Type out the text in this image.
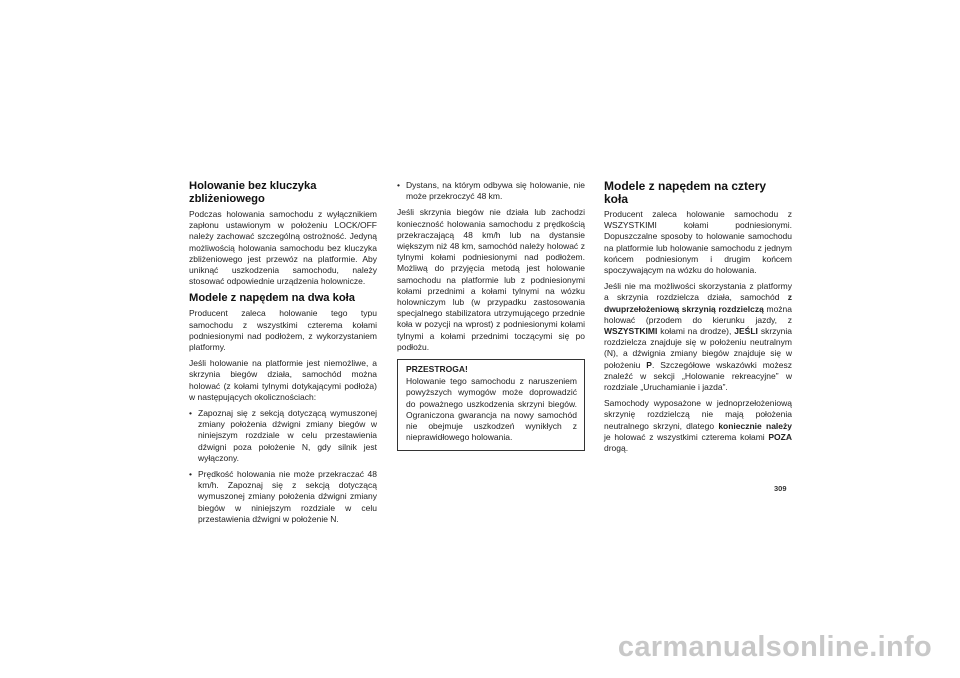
Holowanie bez kluczyka zbliżeniowego

Podczas holowania samochodu z wyłącznikiem zapłonu ustawionym w położeniu LOCK/OFF należy zachować szczególną ostrożność. Jedyną możliwością holowania samochodu bez kluczyka zbliżeniowego jest przewóz na platformie. Aby uniknąć uszkodzenia samochodu, należy stosować odpowiednie urządzenia holownicze.

Modele z napędem na dwa koła

Producent zaleca holowanie tego typu samochodu z wszystkimi czterema kołami podniesionymi nad podłożem, z wykorzystaniem platformy.

Jeśli holowanie na platformie jest niemożliwe, a skrzynia biegów działa, samochód można holować (z kołami tylnymi dotykającymi podłoża) w następujących okolicznościach:

• Zapoznaj się z sekcją dotyczącą wymuszonej zmiany położenia dźwigni zmiany biegów w niniejszym rozdziale w celu przestawienia dźwigni poza położenie N, gdy silnik jest wyłączony.
• Prędkość holowania nie może przekraczać 48 km/h. Zapoznaj się z sekcją dotyczącą wymuszonej zmiany położenia dźwigni zmiany biegów w niniejszym rozdziale w celu przestawienia dźwigni w położenie N.
• Dystans, na którym odbywa się holowanie, nie może przekroczyć 48 km.

Jeśli skrzynia biegów nie działa lub zachodzi konieczność holowania samochodu z prędkością przekraczającą 48 km/h lub na dystansie większym niż 48 km, samochód należy holować z tylnymi kołami podniesionymi nad podłożem. Możliwą do przyjęcia metodą jest holowanie samochodu na platformie lub z podniesionymi kołami przednimi a kołami tylnymi na wózku holowniczym lub (w przypadku zastosowania specjalnego stabilizatora utrzymującego przednie koła w pozycji na wprost) z podniesionymi kołami tylnymi a kołami przednimi toczącymi się po podłożu.

PRZESTROGA!

Holowanie tego samochodu z naruszeniem powyższych wymogów może doprowadzić do poważnego uszkodzenia skrzyni biegów. Ograniczona gwarancja na nowy samochód nie obejmuje uszkodzeń wynikłych z nieprawidłowego holowania.

Modele z napędem na cztery koła

Producent zaleca holowanie samochodu z WSZYSTKIMI kołami podniesionymi. Dopuszczalne sposoby to holowanie samochodu na platformie lub holowanie samochodu z jednym końcem podniesionym i drugim końcem spoczywającym na wózku do holowania.

Jeśli nie ma możliwości skorzystania z platformy a skrzynia rozdzielcza działa, samochód z dwuprzełożeniową skrzynią rozdzielczą można holować (przodem do kierunku jazdy, z WSZYSTKIMI kołami na drodze), JEŚLI skrzynia rozdzielcza znajduje się w położeniu neutralnym (N), a dźwignia zmiany biegów znajduje się w położeniu P. Szczegółowe wskazówki możesz znaleźć w sekcji „Holowanie rekreacyjne” w rozdziale „Uruchamianie i jazda”.

Samochody wyposażone w jednoprzełożeniową skrzynię rozdzielczą nie mają położenia neutralnego skrzyni, dlatego koniecznie należy je holować z wszystkimi czterema kołami POZA drogą.

309
carmanualsonline.info
